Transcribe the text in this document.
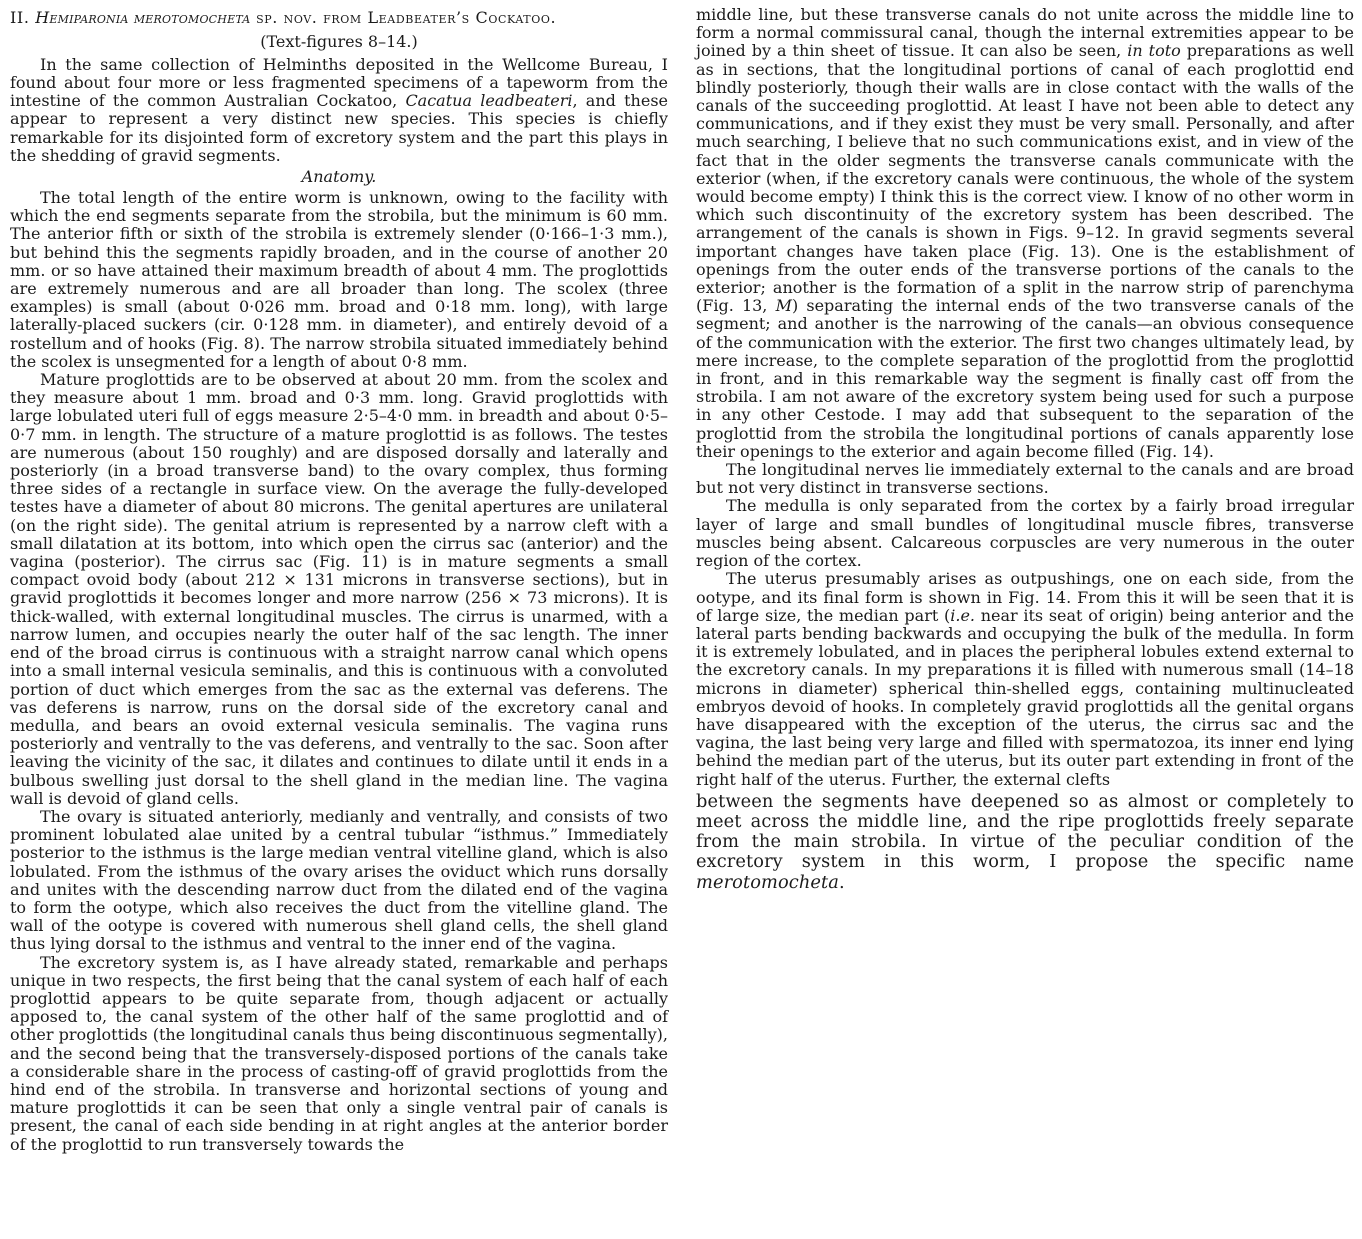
II. Hemiparonia merotomocheta sp. nov. from Leadbeater’s Cockatoo.
(Text-figures 8–14.)

In the same collection of Helminths deposited in the Wellcome Bureau, I found about four more or less fragmented specimens of a tapeworm from the intestine of the common Australian Cockatoo, Cacatua leadbeateri, and these appear to represent a very distinct new species. This species is chiefly remarkable for its disjointed form of excretory system and the part this plays in the shedding of gravid segments.

Anatomy.

The total length of the entire worm is unknown, owing to the facility with which the end segments separate from the strobila, but the minimum is 60 mm. The anterior fifth or sixth of the strobila is extremely slender (0·166–1·3 mm.), but behind this the segments rapidly broaden, and in the course of another 20 mm. or so have attained their maximum breadth of about 4 mm. The proglottids are extremely numerous and are all broader than long. The scolex (three examples) is small (about 0·026 mm. broad and 0·18 mm. long), with large laterally-placed suckers (cir. 0·128 mm. in diameter), and entirely devoid of a rostellum and of hooks (Fig. 8). The narrow strobila situated immediately behind the scolex is unsegmented for a length of about 0·8 mm.

Mature proglottids are to be observed at about 20 mm. from the scolex and they measure about 1 mm. broad and 0·3 mm. long. Gravid proglottids with large lobulated uteri full of eggs measure 2·5–4·0 mm. in breadth and about 0·5–0·7 mm. in length. The structure of a mature proglottid is as follows. The testes are numerous (about 150 roughly) and are disposed dorsally and laterally and posteriorly (in a broad transverse band) to the ovary complex, thus forming three sides of a rectangle in surface view. On the average the fully-developed testes have a diameter of about 80 microns. The genital apertures are unilateral (on the right side). The genital atrium is represented by a narrow cleft with a small dilatation at its bottom, into which open the cirrus sac (anterior) and the vagina (posterior). The cirrus sac (Fig. 11) is in mature segments a small compact ovoid body (about 212 × 131 microns in transverse sections), but in gravid proglottids it becomes longer and more narrow (256 × 73 microns). It is thick-walled, with external longitudinal muscles. The cirrus is unarmed, with a narrow lumen, and occupies nearly the outer half of the sac length. The inner end of the broad cirrus is continuous with a straight narrow canal which opens into a small internal vesicula seminalis, and this is continuous with a convoluted portion of duct which emerges from the sac as the external vas deferens. The vas deferens is narrow, runs on the dorsal side of the excretory canal and medulla, and bears an ovoid external vesicula seminalis. The vagina runs posteriorly and ventrally to the vas deferens, and ventrally to the sac. Soon after leaving the vicinity of the sac, it dilates and continues to dilate until it ends in a bulbous swelling just dorsal to the shell gland in the median line. The vagina wall is devoid of gland cells.

The ovary is situated anteriorly, medianly and ventrally, and consists of two prominent lobulated alae united by a central tubular “isthmus.” Immediately posterior to the isthmus is the large median ventral vitelline gland, which is also lobulated. From the isthmus of the ovary arises the oviduct which runs dorsally and unites with the descending narrow duct from the dilated end of the vagina to form the ootype, which also receives the duct from the vitelline gland. The wall of the ootype is covered with numerous shell gland cells, the shell gland thus lying dorsal to the isthmus and ventral to the inner end of the vagina.

The excretory system is, as I have already stated, remarkable and perhaps unique in two respects, the first being that the canal system of each half of each proglottid appears to be quite separate from, though adjacent or actually apposed to, the canal system of the other half of the same proglottid and of other proglottids (the longitudinal canals thus being discontinuous segmentally), and the second being that the transversely-disposed portions of the canals take a considerable share in the process of casting-off of gravid proglottids from the hind end of the strobila. In transverse and horizontal sections of young and mature proglottids it can be seen that only a single ventral pair of canals is present, the canal of each side bending in at right angles at the anterior border of the proglottid to run transversely towards the

middle line, but these transverse canals do not unite across the middle line to form a normal commissural canal, though the internal extremities appear to be joined by a thin sheet of tissue. It can also be seen, in toto preparations as well as in sections, that the longitudinal portions of canal of each proglottid end blindly posteriorly, though their walls are in close contact with the walls of the canals of the succeeding proglottid. At least I have not been able to detect any communications, and if they exist they must be very small. Personally, and after much searching, I believe that no such communications exist, and in view of the fact that in the older segments the transverse canals communicate with the exterior (when, if the excretory canals were continuous, the whole of the system would become empty) I think this is the correct view. I know of no other worm in which such discontinuity of the excretory system has been described. The arrangement of the canals is shown in Figs. 9–12. In gravid segments several important changes have taken place (Fig. 13). One is the establishment of openings from the outer ends of the transverse portions of the canals to the exterior; another is the formation of a split in the narrow strip of parenchyma (Fig. 13, M) separating the internal ends of the two transverse canals of the segment; and another is the narrowing of the canals—an obvious consequence of the communication with the exterior. The first two changes ultimately lead, by mere increase, to the complete separation of the proglottid from the proglottid in front, and in this remarkable way the segment is finally cast off from the strobila. I am not aware of the excretory system being used for such a purpose in any other Cestode. I may add that subsequent to the separation of the proglottid from the strobila the longitudinal portions of canals apparently lose their openings to the exterior and again become filled (Fig. 14).

The longitudinal nerves lie immediately external to the canals and are broad but not very distinct in transverse sections.

The medulla is only separated from the cortex by a fairly broad irregular layer of large and small bundles of longitudinal muscle fibres, transverse muscles being absent. Calcareous corpuscles are very numerous in the outer region of the cortex.

The uterus presumably arises as outpushings, one on each side, from the ootype, and its final form is shown in Fig. 14. From this it will be seen that it is of large size, the median part (i.e. near its seat of origin) being anterior and the lateral parts bending backwards and occupying the bulk of the medulla. In form it is extremely lobulated, and in places the peripheral lobules extend external to the excretory canals. In my preparations it is filled with numerous small (14–18 microns in diameter) spherical thin-shelled eggs, containing multinucleated embryos devoid of hooks. In completely gravid proglottids all the genital organs have disappeared with the exception of the uterus, the cirrus sac and the vagina, the last being very large and filled with spermatozoa, its inner end lying behind the median part of the uterus, but its outer part extending in front of the right half of the uterus. Further, the external clefts

between the segments have deepened so as almost or completely to meet across the middle line, and the ripe proglottids freely separate from the main strobila. In virtue of the peculiar condition of the excretory system in this worm, I propose the specific name merotomocheta.
